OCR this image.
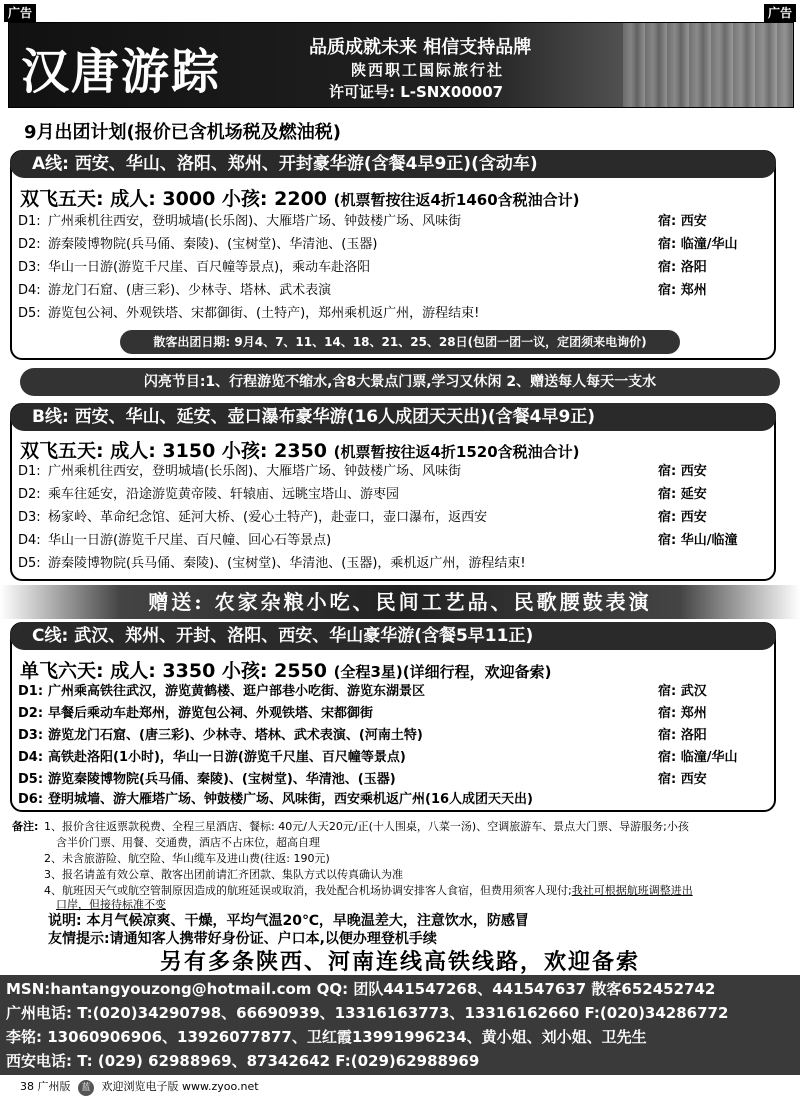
广告	广告
汉唐游踪	品质成就未来 相信支持品牌
陕西职工国际旅行社
许可证号: L-SNX00007
9月出团计划(报价已含机场税及燃油税)
A线: 西安、华山、洛阳、郑州、开封豪华游(含餐4早9正)(含动车)
双飞五天: 成人: 3000 小孩: 2200 (机票暂按往返4折1460含税油合计)
D1: 广州乘机往西安，登明城墙(长乐阁)、大雁塔广场、钟鼓楼广场、风味街	宿: 西安
D2: 游秦陵博物院(兵马俑、秦陵)、(宝树堂)、华清池、(玉器)	宿: 临潼/华山
D3: 华山一日游(游览千尺崖、百尺幢等景点)，乘动车赴洛阳	宿: 洛阳
D4: 游龙门石窟、(唐三彩)、少林寺、塔林、武术表演	宿: 郑州
D5: 游览包公祠、外观铁塔、宋都御街、(土特产)，郑州乘机返广州，游程结束!
散客出团日期: 9月4、7、11、14、18、21、25、28日(包团一团一议，定团须来电询价)
闪亮节目:1、行程游览不缩水,含8大景点门票,学习又休闲 2、赠送每人每天一支水
B线: 西安、华山、延安、壶口瀑布豪华游(16人成团天天出)(含餐4早9正)
双飞五天: 成人: 3150 小孩: 2350 (机票暂按往返4折1520含税油合计)
D1: 广州乘机往西安，登明城墙(长乐阁)、大雁塔广场、钟鼓楼广场、风味街	宿: 西安
D2: 乘车往延安，沿途游览黄帝陵、轩辕庙、远眺宝塔山、游枣园	宿: 延安
D3: 杨家岭、革命纪念馆、延河大桥、(爱心土特产)，赴壶口，壶口瀑布，返西安	宿: 西安
D4: 华山一日游(游览千尺崖、百尺幢、回心石等景点)	宿: 华山/临潼
D5: 游秦陵博物院(兵马俑、秦陵)、(宝树堂)、华清池、(玉器)，乘机返广州，游程结束!
赠送: 农家杂粮小吃、民间工艺品、民歌腰鼓表演
C线: 武汉、郑州、开封、洛阳、西安、华山豪华游(含餐5早11正)
单飞六天: 成人: 3350 小孩: 2550 (全程3星)(详细行程，欢迎备索)
D1: 广州乘高铁往武汉，游览黄鹤楼、逛户部巷小吃街、游览东湖景区	宿: 武汉
D2: 早餐后乘动车赴郑州，游览包公祠、外观铁塔、宋都御街	宿: 郑州
D3: 游览龙门石窟、(唐三彩)、少林寺、塔林、武术表演、(河南土特)	宿: 洛阳
D4: 高铁赴洛阳(1小时)，华山一日游(游览千尺崖、百尺幢等景点)	宿: 临潼/华山
D5: 游览秦陵博物院(兵马俑、秦陵)、(宝树堂)、华清池、(玉器)	宿: 西安
D6: 登明城墙、游大雁塔广场、钟鼓楼广场、风味街，西安乘机返广州(16人成团天天出)
备注: 1、报价含往返票款税费、全程三星酒店、餐标: 40元/人天20元/正(十人围桌，八菜一汤)、空调旅游车、景点大门票、导游服务;小孩
含半价门票、用餐、交通费，酒店不占床位，超高自理
2、未含旅游险、航空险、华山缆车及进山费(往返: 190元)
3、报名请盖有效公章、散客出团前请汇齐团款、集队方式以传真确认为准
4、航班因天气或航空管制原因造成的航班延误或取消，我处配合机场协调安排客人食宿，但费用须客人现付;我社可根据航班调整进出
口岸，但接待标准不变
说明: 本月气候凉爽、干燥，平均气温20℃，早晚温差大，注意饮水，防感冒
友情提示:请通知客人携带好身份证、户口本,以便办理登机手续
另有多条陕西、河南连线高铁线路，欢迎备索
MSN:hantangyouzong@hotmail.com QQ: 团队441547268、441547637 散客652452742
广州电话: T:(020)34290798、66690939、13316163773、13316162660 F:(020)34286772
李铭: 13060906906、13926077877、卫红霞13991996234、黄小姐、刘小姐、卫先生
西安电话: T: (029) 62988969、87342642 F:(029)62988969
38 广州版 蓝 欢迎浏览电子版 www.zyoo.net
